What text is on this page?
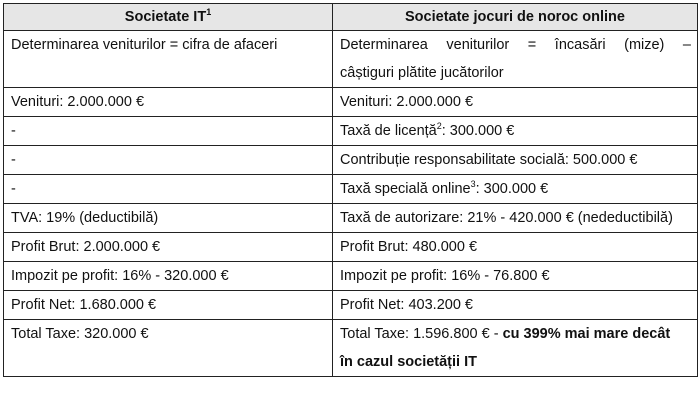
Societate $IT^1$	Societate jocuri de noroc online
Determinarea veniturilor = cifra de afaceri	Determinarea veniturilor = încasări (mize) –
câștiguri plătite jucătorilor

Venituri: 2.000.000 €	Venituri: 2.000.000 €
-	Taxă de licență$^2$: 300.000 €
-	Contribuție responsabilitate socială: 500.000 €
-	Taxă specială online$^3$: 300.000 €
TVA: 19% (deductibilă)	Taxă de autorizare: 21% - 420.000 € (nedeductibilă)
Profit Brut: 2.000.000 €	Profit Brut: 480.000 €
Impozit pe profit: 16% - 320.000 €	Impozit pe profit: 16% - 76.800 €
Profit Net: 1.680.000 €	Profit Net: 403.200 €
Total Taxe: 320.000 €	Total Taxe: 1.596.800 € - cu 399% mai mare decât
în cazul societății IT
